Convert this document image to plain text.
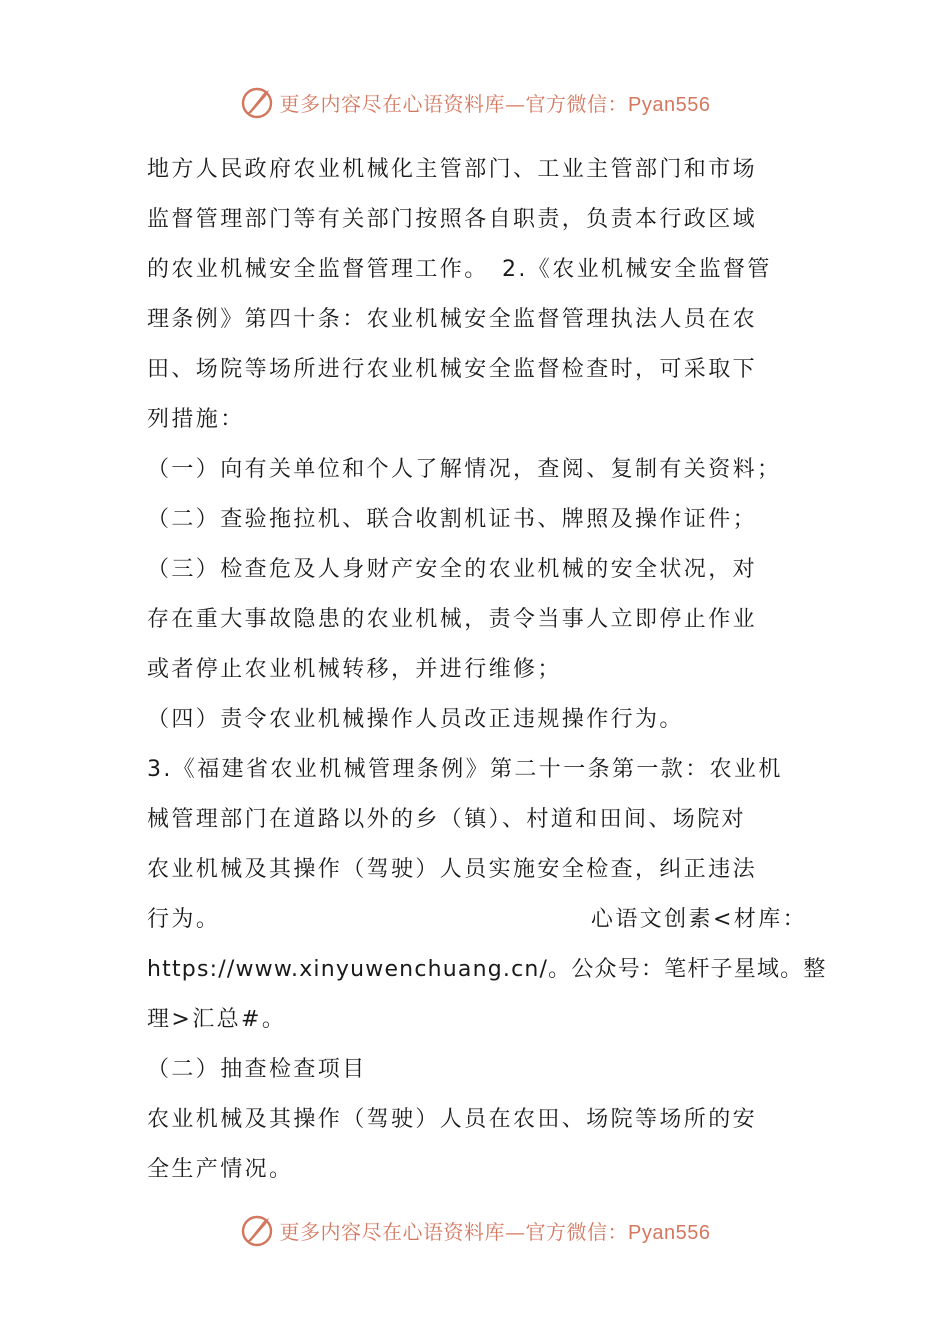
更多内容尽在心语资料库—官方微信：Pyan556
地方人民政府农业机械化主管部门、工业主管部门和市场
监督管理部门等有关部门按照各自职责，负责本行政区域
的农业机械安全监督管理工作。　2.《农业机械安全监督管
理条例》第四十条：农业机械安全监督管理执法人员在农
田、场院等场所进行农业机械安全监督检查时，可采取下
列措施：
（一）向有关单位和个人了解情况，查阅、复制有关资料；
（二）查验拖拉机、联合收割机证书、牌照及操作证件；
（三）检查危及人身财产安全的农业机械的安全状况，对
存在重大事故隐患的农业机械，责令当事人立即停止作业
或者停止农业机械转移，并进行维修；
（四）责令农业机械操作人员改正违规操作行为。
3.《福建省农业机械管理条例》第二十一条第一款：农业机
械管理部门在道路以外的乡（镇）、村道和田间、场院对
农业机械及其操作（驾驶）人员实施安全检查，纠正违法
行 为 。	心 语 文 创 素 < 材 库 ：
https://www.xinyuwenchuang.cn/。公众号：笔杆子星域。整
理>汇总#。
（二）抽查检查项目
农业机械及其操作（驾驶）人员在农田、场院等场所的安
全生产情况。
更多内容尽在心语资料库—官方微信：Pyan556
